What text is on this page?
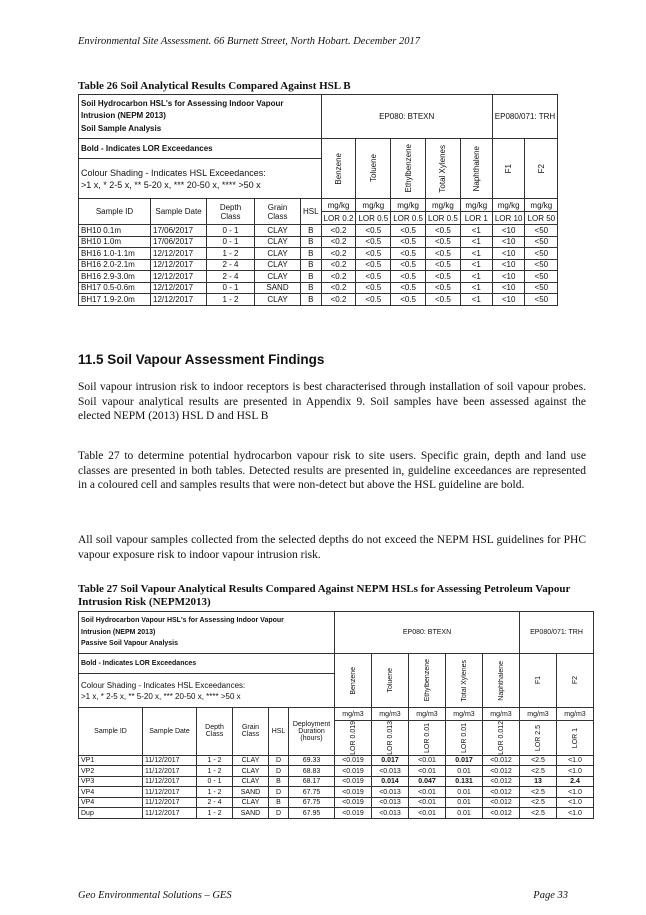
Environmental Site Assessment. 66 Burnett Street, North Hobart. December 2017
Table 26 Soil Analytical Results Compared Against HSL B
Soil Hydrocarbon HSL's for Assessing Indoor Vapour
Intrusion (NEPM 2013)
Soil Sample Analysis					EP080: BTEXN					EP080/071: TRH	
Bold - Indicates LOR Exceedances					Benzene	Toluene	Ethylbenzene	Total Xylenes	Naphthalene	F1	F2

Colour Shading - Indicates HSL Exceedances:
>1 x, * 2-5 x, ** 5-20 x, *** 20-50 x, **** >50 x											

Sample ID	Sample Date	Depth Class	Grain Class	HSL	mg/kg	mg/kg	mg/kg	mg/kg	mg/kg	mg/kg	mg/kg
					LOR 0.2	LOR 0.5	LOR 0.5	LOR 0.5	LOR 1	LOR 10	LOR 50
BH10 0.1m	17/06/2017	0 - 1	CLAY	B	<0.2	<0.5	<0.5	<0.5	<1	<10	<50
BH10 1.0m	17/06/2017	0 - 1	CLAY	B	<0.2	<0.5	<0.5	<0.5	<1	<10	<50
BH16 1.0-1.1m	12/12/2017	1 - 2	CLAY	B	<0.2	<0.5	<0.5	<0.5	<1	<10	<50
BH16 2.0-2.1m	12/12/2017	2 - 4	CLAY	B	<0.2	<0.5	<0.5	<0.5	<1	<10	<50
BH16 2.9-3.0m	12/12/2017	2 - 4	CLAY	B	<0.2	<0.5	<0.5	<0.5	<1	<10	<50
BH17 0.5-0.6m	12/12/2017	0 - 1	SAND	B	<0.2	<0.5	<0.5	<0.5	<1	<10	<50
BH17 1.9-2.0m	12/12/2017	1 - 2	CLAY	B	<0.2	<0.5	<0.5	<0.5	<1	<10	<50
11.5 Soil Vapour Assessment Findings
Soil vapour intrusion risk to indoor receptors is best characterised through installation of soil vapour probes. Soil vapour analytical results are presented in Appendix 9. Soil samples have been assessed against the elected NEPM (2013) HSL D and HSL B
Table 27 to determine potential hydrocarbon vapour risk to site users. Specific grain, depth and land use classes are presented in both tables. Detected results are presented in, guideline exceedances are represented in a coloured cell and samples results that were non-detect but above the HSL guideline are bold.
All soil vapour samples collected from the selected depths do not exceed the NEPM HSL guidelines for PHC vapour exposure risk to indoor vapour intrusion risk.
Table 27 Soil Vapour Analytical Results Compared Against NEPM HSLs for Assessing Petroleum Vapour Intrusion Risk (NEPM2013)
Soil Hydrocarbon Vapour HSL's for Assessing Indoor Vapour
Intrusion (NEPM 2013)
Passive Soil Vapour Analysis						EP080: BTEXN					EP080/071: TRH	
Bold - Indicates LOR Exceedances						Benzene	Toluene	Ethylbenzene	Total Xylenes	Naphthalene	F1	F2

Colour Shading - Indicates HSL Exceedances:
>1 x, * 2-5 x, ** 5-20 x, *** 20-50 x, **** >50 x												

Sample ID	Sample Date	Depth Class	Grain Class	HSL	Deployment Duration (hours)	mg/m3	mg/m3	mg/m3	mg/m3	mg/m3	mg/m3	mg/m3

						LOR 0.019	LOR 0.013	LOR 0.01	LOR 0.01	LOR 0.012	LOR 2.5	LOR 1

VP1	11/12/2017	1 - 2	CLAY	D	69.33	<0.019	0.017	<0.01	0.017	<0.012	<2.5	<1.0
VP2	11/12/2017	1 - 2	CLAY	D	68.83	<0.019	<0.013	<0.01	0.01	<0.012	<2.5	<1.0
VP3	11/12/2017	0 - 1	CLAY	B	68.17	<0.019	0.014	0.047	0.131	<0.012	13	2.4
VP4	11/12/2017	1 - 2	SAND	D	67.75	<0.019	<0.013	<0.01	0.01	<0.012	<2.5	<1.0
VP4	11/12/2017	2 - 4	CLAY	B	67.75	<0.019	<0.013	<0.01	0.01	<0.012	<2.5	<1.0
Dup	11/12/2017	1 - 2	SAND	D	67.95	<0.019	<0.013	<0.01	0.01	<0.012	<2.5	<1.0
Geo Environmental Solutions – GES	Page 33
